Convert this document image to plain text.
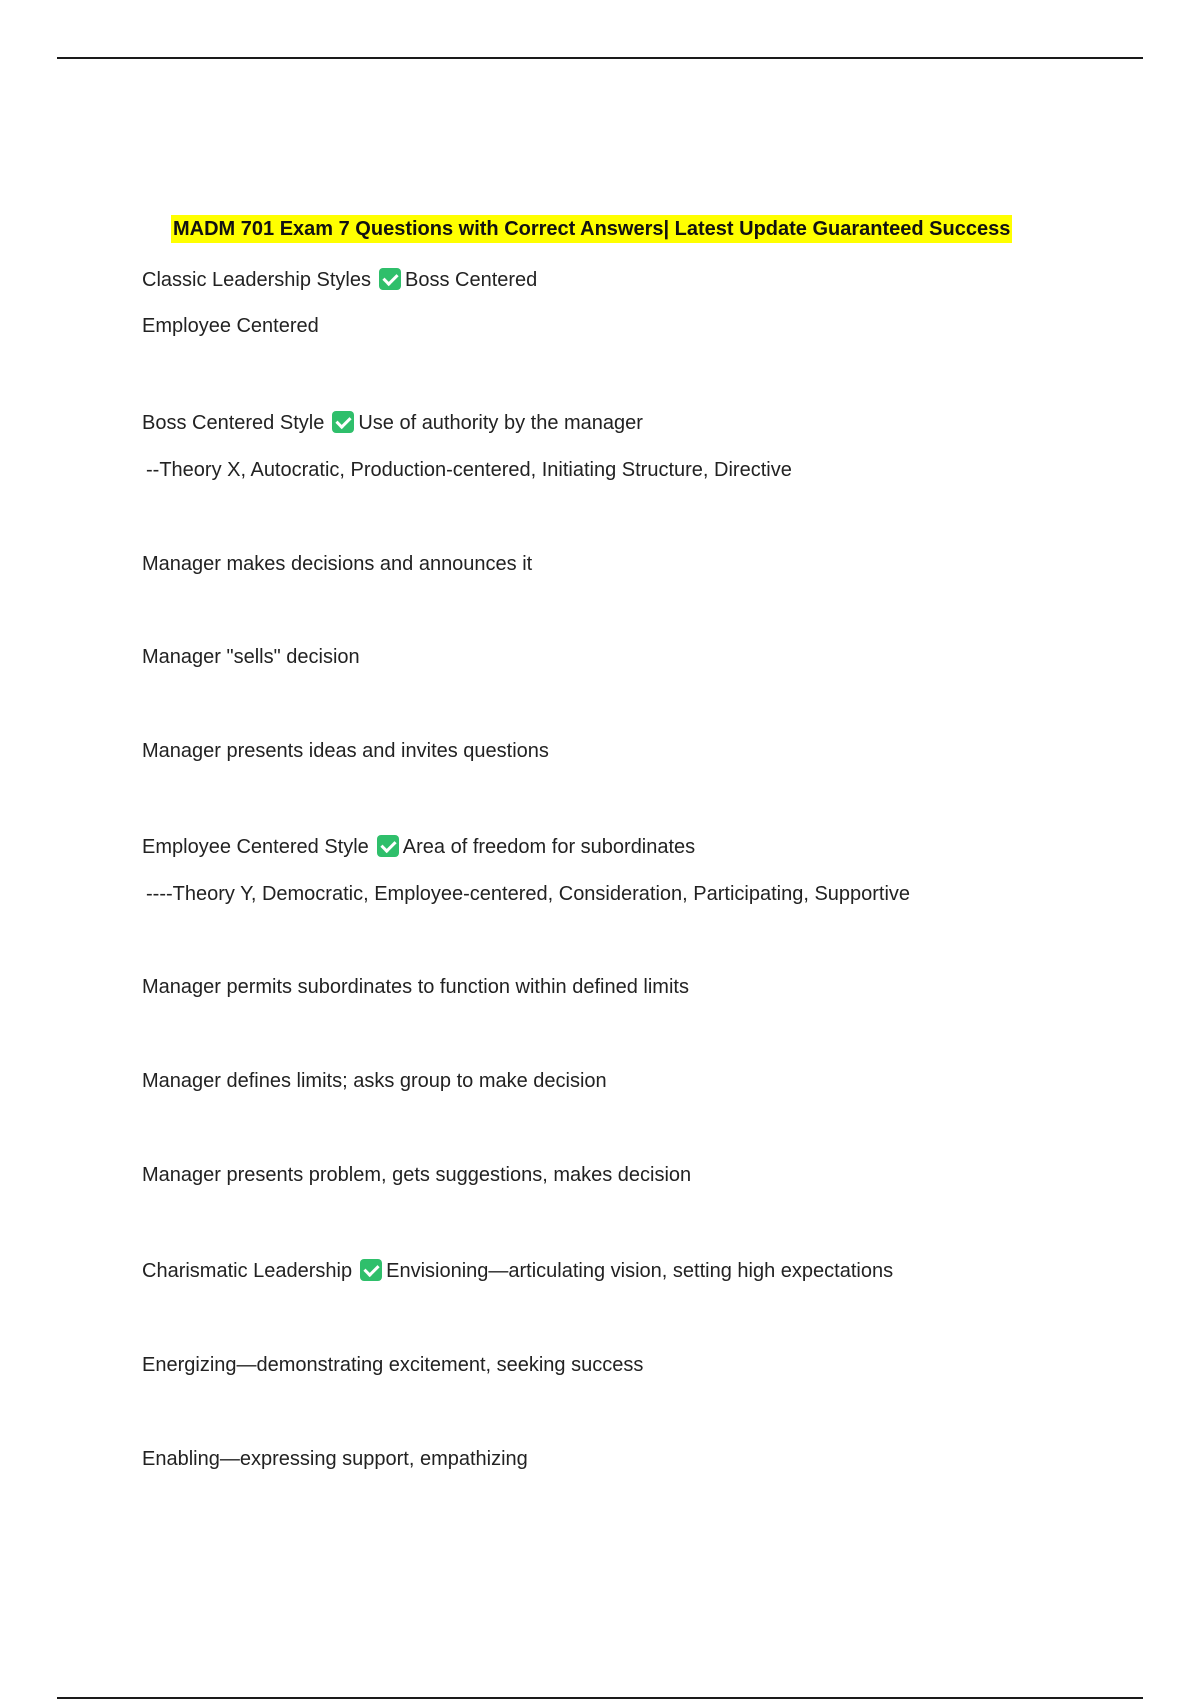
MADM 701 Exam 7 Questions with Correct Answers| Latest Update Guaranteed Success
Classic Leadership Styles Boss Centered
Employee Centered
Boss Centered Style Use of authority by the manager
--Theory X, Autocratic, Production-centered, Initiating Structure, Directive
Manager makes decisions and announces it
Manager "sells" decision
Manager presents ideas and invites questions
Employee Centered Style Area of freedom for subordinates
----Theory Y, Democratic, Employee-centered, Consideration, Participating, Supportive
Manager permits subordinates to function within defined limits
Manager defines limits; asks group to make decision
Manager presents problem, gets suggestions, makes decision
Charismatic Leadership Envisioning—articulating vision, setting high expectations
Energizing—demonstrating excitement, seeking success
Enabling—expressing support, empathizing
